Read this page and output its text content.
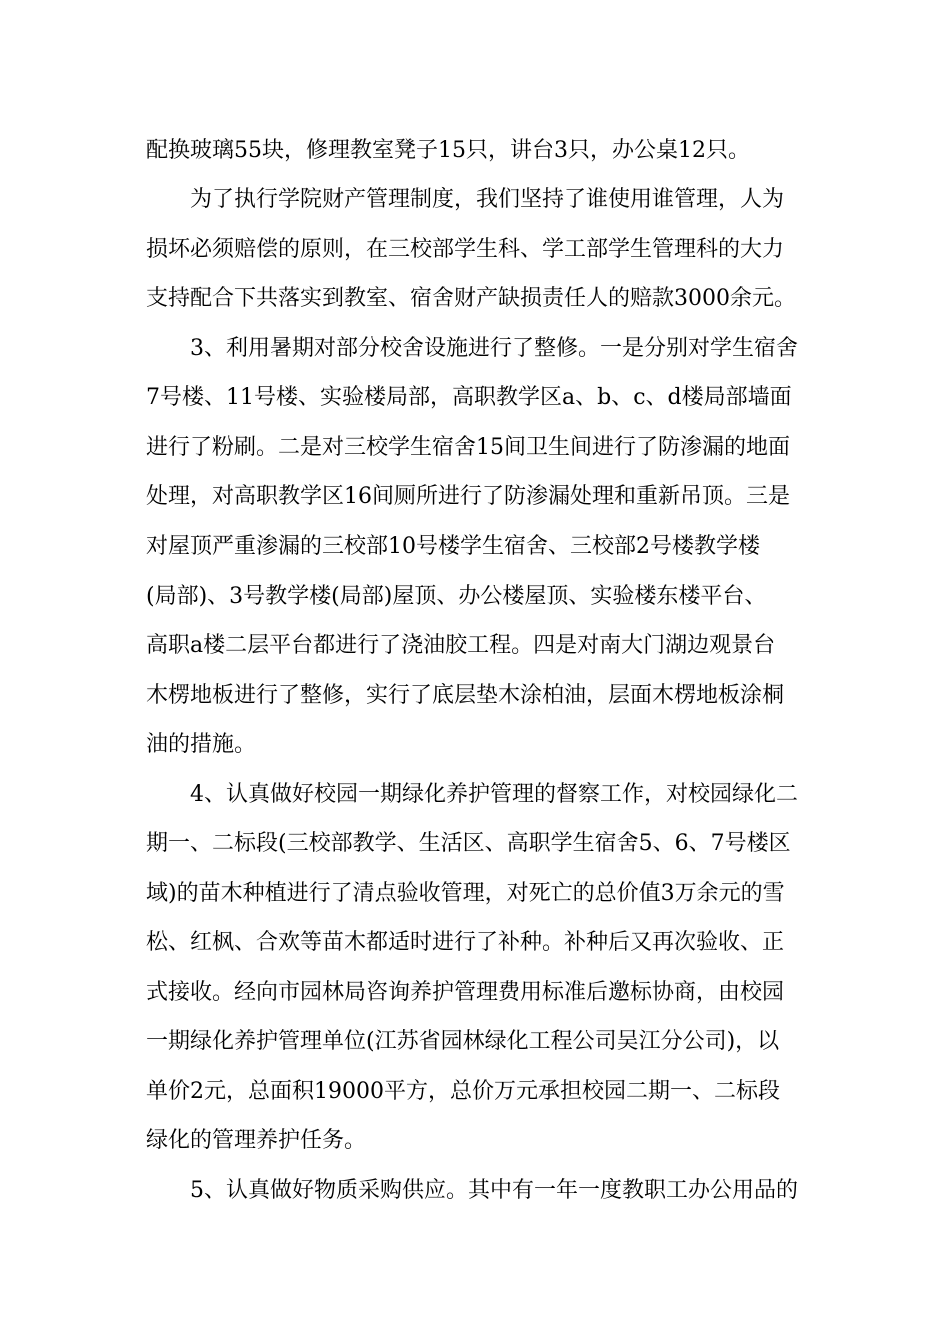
配换玻璃55块，修理教室凳子15只，讲台3只，办公桌12只。
为了执行学院财产管理制度，我们坚持了谁使用谁管理，人为
损坏必须赔偿的原则，在三校部学生科、学工部学生管理科的大力
支持配合下共落实到教室、宿舍财产缺损责任人的赔款3000余元。
3、利用暑期对部分校舍设施进行了整修。一是分别对学生宿舍
7号楼、11号楼、实验楼局部，高职教学区a、b、c、d楼局部墙面
进行了粉刷。二是对三校学生宿舍15间卫生间进行了防渗漏的地面
处理，对高职教学区16间厕所进行了防渗漏处理和重新吊顶。三是
对屋顶严重渗漏的三校部10号楼学生宿舍、三校部2号楼教学楼
(局部)、3号教学楼(局部)屋顶、办公楼屋顶、实验楼东楼平台、
高职a楼二层平台都进行了浇油胶工程。四是对南大门湖边观景台
木楞地板进行了整修，实行了底层垫木涂柏油，层面木楞地板涂桐
油的措施。
4、认真做好校园一期绿化养护管理的督察工作，对校园绿化二
期一、二标段(三校部教学、生活区、高职学生宿舍5、6、7号楼区
域)的苗木种植进行了清点验收管理，对死亡的总价值3万余元的雪
松、红枫、合欢等苗木都适时进行了补种。补种后又再次验收、正
式接收。经向市园林局咨询养护管理费用标准后邀标协商，由校园
一期绿化养护管理单位(江苏省园林绿化工程公司吴江分公司)，以
单价2元，总面积19000平方，总价万元承担校园二期一、二标段
绿化的管理养护任务。
5、认真做好物质采购供应。其中有一年一度教职工办公用品的
